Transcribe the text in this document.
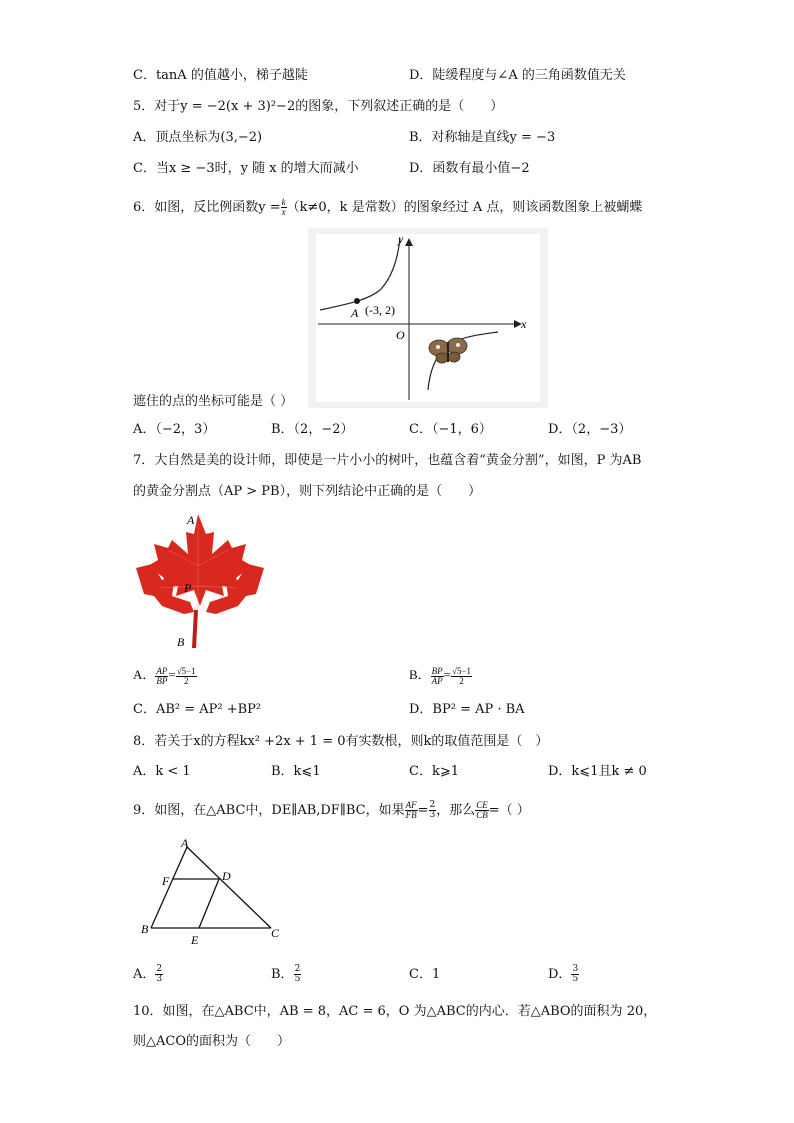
C．tanA 的值越小，梯子越陡	D．陡缓程度与∠A 的三角函数值无关
5．对于y = −2(x + 3)²−2的图象，下列叙述正确的是（　　）
A．顶点坐标为(3,−2)	B．对称轴是直线y = −3
C．当x ≥ −3时，y 随 x 的增大而减小	D．函数有最小值−2
6．如图，反比例函数$y = \frac{k}{x} (k\ne 0$，k 是常数）的图象经过 A 点，则该函数图象上被蝴蝶
A (-3, 2)
O
x
y
遮住的点的坐标可能是（ ）
A．（−2，3）	B．（2，−2）	C．（−1，6）	D．（2，−3）
7．大自然是美的设计师，即使是一片小小的树叶，也蕴含着“黄金分割”，如图，P 为AB
的黄金分割点（AP > PB），则下列结论中正确的是（　　）
A
P
B
A． $\frac{AP}{BP} = \frac{√5-1}{2}$	B． $\frac{BP}{AP} = \frac{√5-1}{2}$
C．AB² = AP² +BP²	D．BP² = AP · BA
8．若关于x的方程kx² +2x + 1 = 0有实数根，则k的取值范围是（　）
A．k < 1	B．k⩽1	C．k⩾1	D．k⩽1且k ≠ 0
9．如图，在△ABC中，DE∥AB,DF∥BC，如果 $\frac{AF}{FB} = \frac{2}{3}$ ，那么 $\frac{CE}{CB}$ =（ ）
A
F	D
B
E	C
A． $\frac{2}{3}$	B． $\frac{2}{5}$	C．1	D． $\frac{3}{5}$
10．如图，在△ABC中，AB = 8，AC = 6，O 为△ABC的内心．若△ABO的面积为 20，
则△ACO的面积为（　　）
